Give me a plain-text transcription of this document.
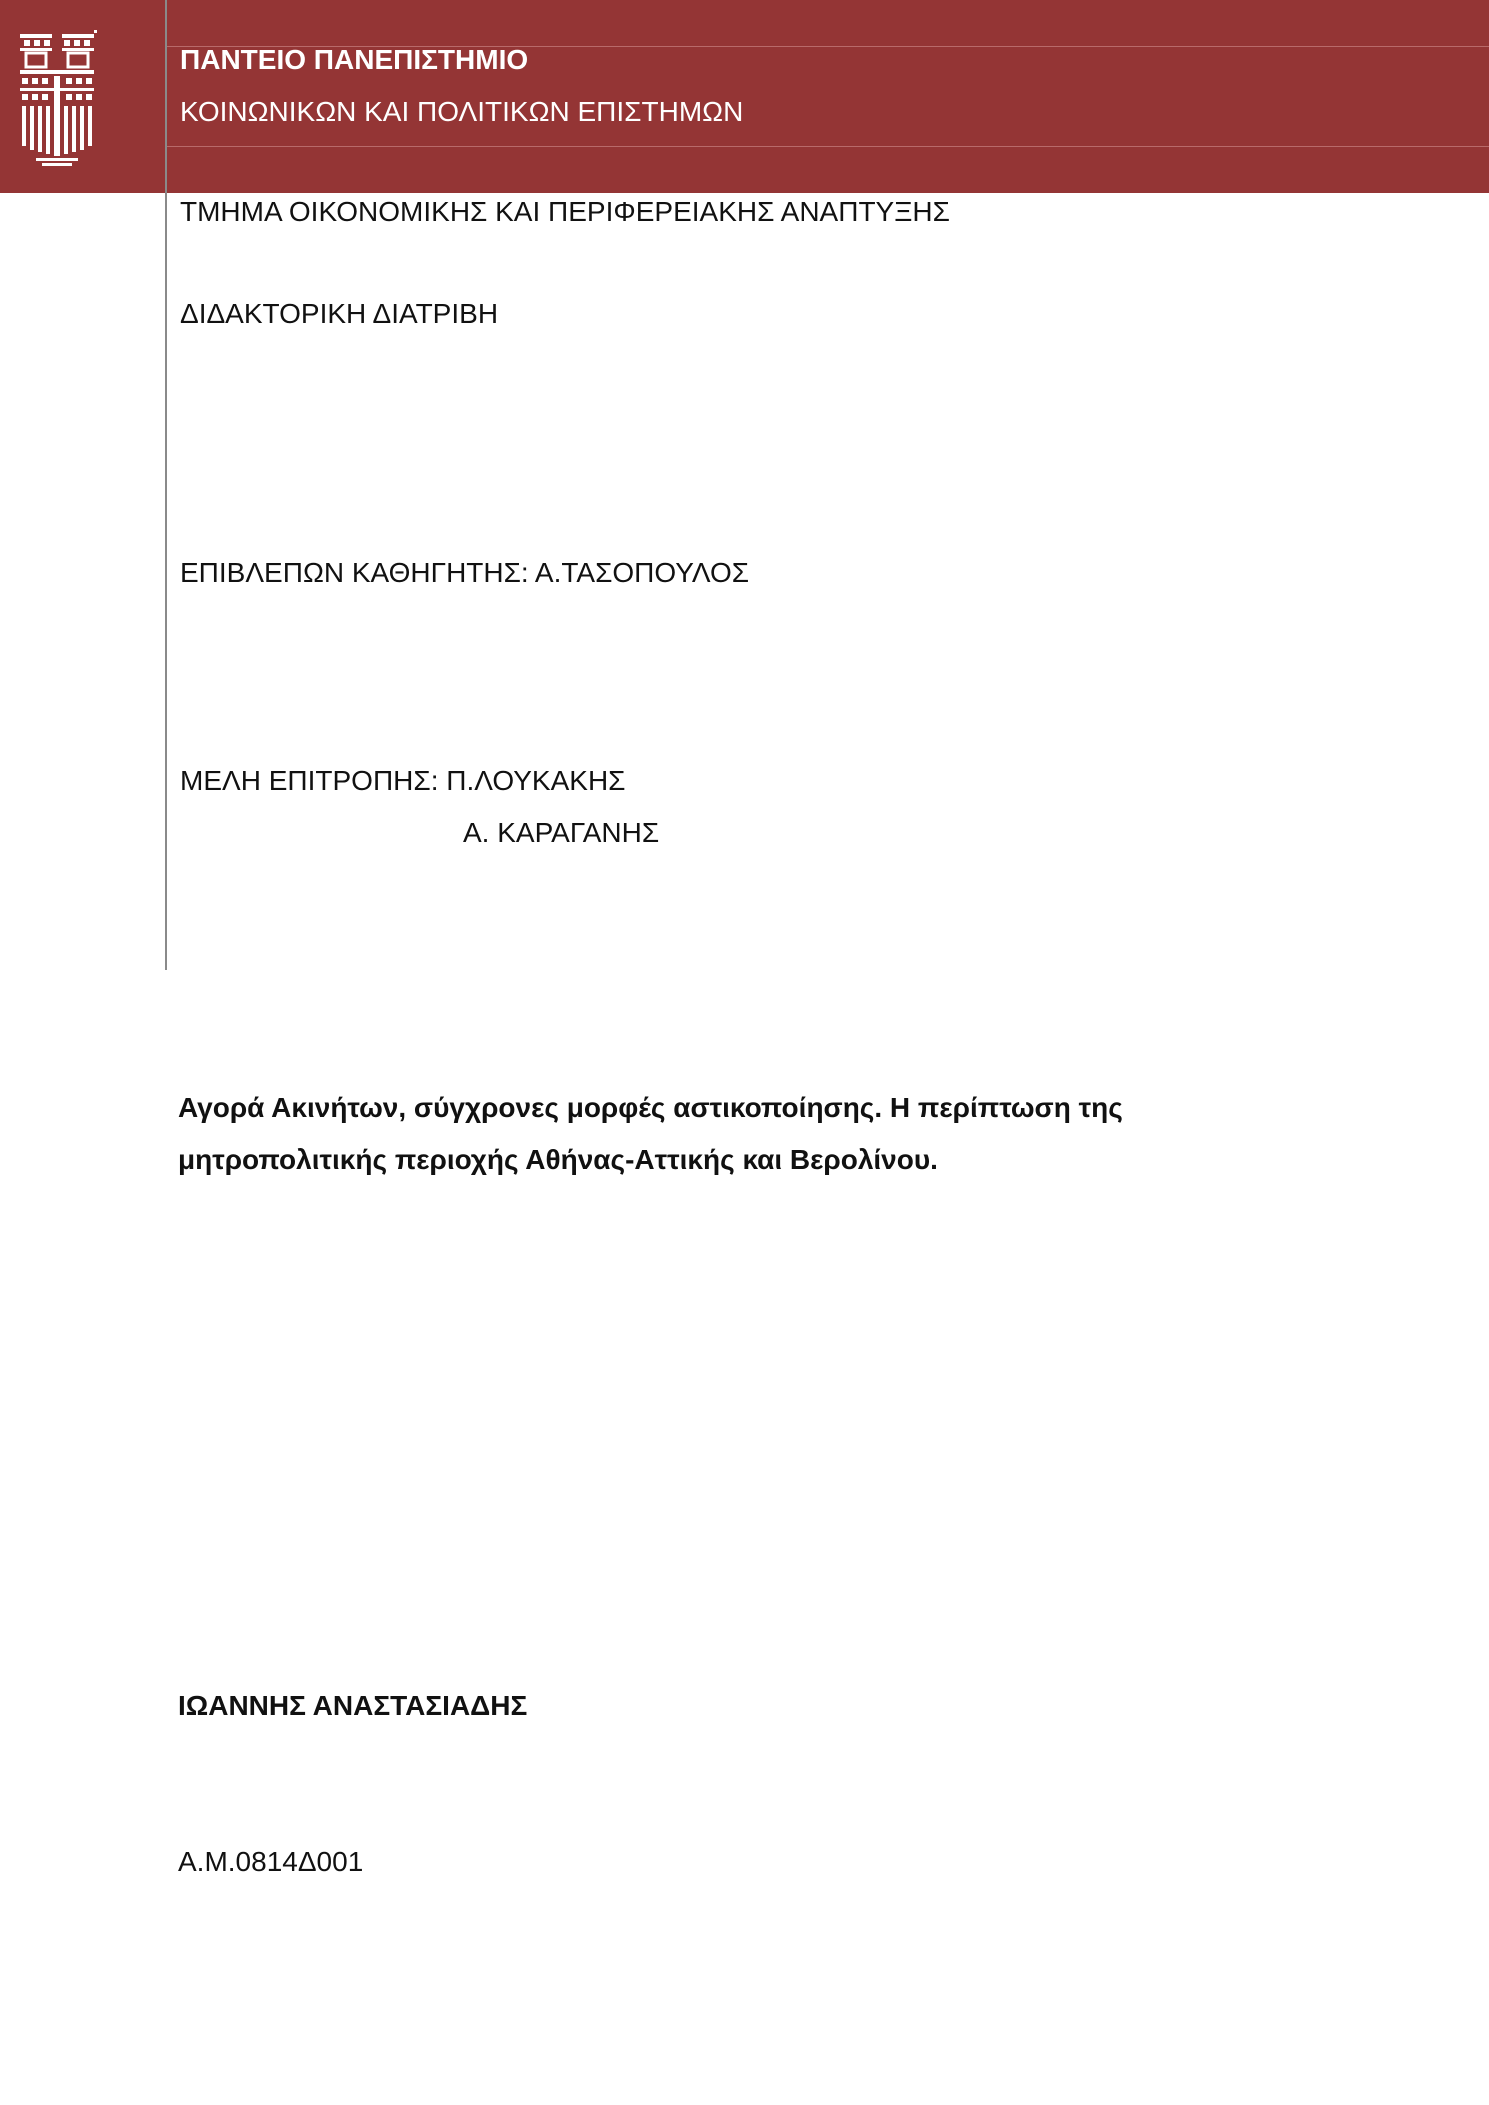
ΠΑΝΤΕΙΟ ΠΑΝΕΠΙΣΤΗΜΙΟ
ΚΟΙΝΩΝΙΚΩΝ ΚΑΙ ΠΟΛΙΤΙΚΩΝ ΕΠΙΣΤΗΜΩΝ
ΤΜΗΜΑ ΟΙΚΟΝΟΜΙΚΗΣ ΚΑΙ ΠΕΡΙΦΕΡΕΙΑΚΗΣ ΑΝΑΠΤΥΞΗΣ
ΔΙΔΑΚΤΟΡΙΚΗ ΔΙΑΤΡΙΒΗ
ΕΠΙΒΛΕΠΩΝ ΚΑΘΗΓΗΤΗΣ: Α.ΤΑΣΟΠΟΥΛΟΣ
ΜΕΛΗ ΕΠΙΤΡΟΠΗΣ: Π.ΛΟΥΚΑΚΗΣ
Α. ΚΑΡΑΓΑΝΗΣ
Αγορά Ακινήτων, σύγχρονες μορφές αστικοποίησης. Η περίπτωση της
μητροπολιτικής περιοχής Αθήνας-Αττικής και Βερολίνου.
ΙΩΑΝΝΗΣ ΑΝΑΣΤΑΣΙΑΔΗΣ
Α.Μ.0814Δ001
